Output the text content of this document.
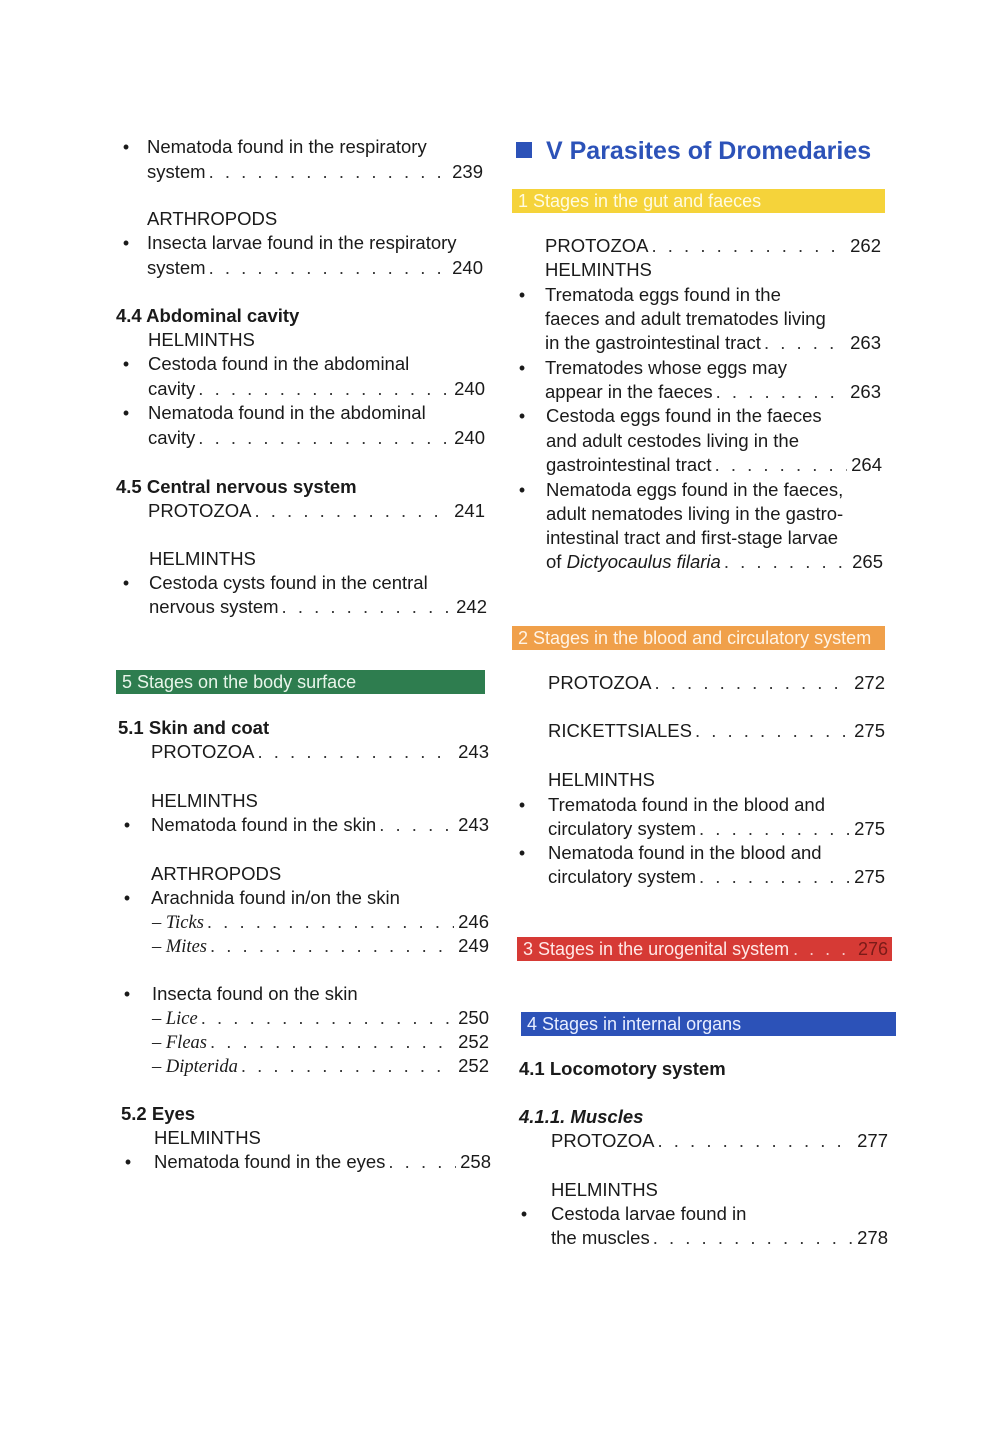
• Nematoda found in the respiratory
system . . .	239
ARTHROPODS
• Insecta larvae found in the respiratory
system . . .	240
4.4 Abdominal cavity
HELMINTHS
•	Cestoda found in the abdominal
cavity . . .	240
•	Nematoda found in the abdominal
cavity . . .	240
4.5 Central nervous system
PROTOZOA . . .	241
HELMINTHS
•	Cestoda cysts found in the central
nervous system . . .	242
5 Stages on the body surface
5.1 Skin and coat
PROTOZOA . . .	243
HELMINTHS
•	Nematoda found in the skin . . .	243
ARTHROPODS
•	Arachnida found in/on the skin
– Ticks . . .	246
– Mites . . .	249
•	Insecta found on the skin
– Lice . . .	250
– Fleas . . .	252
– Dipterida . . .	252
5.2 Eyes
HELMINTHS
•	Nematoda found in the eyes . . .	258
V Parasites of Dromedaries
1 Stages in the gut and faeces
PROTOZOA . . .	262
HELMINTHS
•	Trematoda eggs found in the
faeces and adult trematodes living
in the gastrointestinal tract . . .	263
•	Trematodes whose eggs may
appear in the faeces . . .	263
•	Cestoda eggs found in the faeces
and adult cestodes living in the
gastrointestinal tract . . .	264
•	Nematoda eggs found in the faeces,
adult nematodes living in the gastro-
intestinal tract and first-stage larvae
of Dictyocaulus filaria . . .	265
2 Stages in the blood and circulatory system
PROTOZOA . . .	272
RICKETTSIALES . . .	275
HELMINTHS
•	Trematoda found in the blood and
circulatory system . . .	275
•	Nematoda found in the blood and
circulatory system . . .	275
3 Stages in the urogenital system . . .	276
4 Stages in internal organs
4.1 Locomotory system
4.1.1. Muscles
PROTOZOA . . .	277
HELMINTHS
•	Cestoda larvae found in
the muscles . . .	278
